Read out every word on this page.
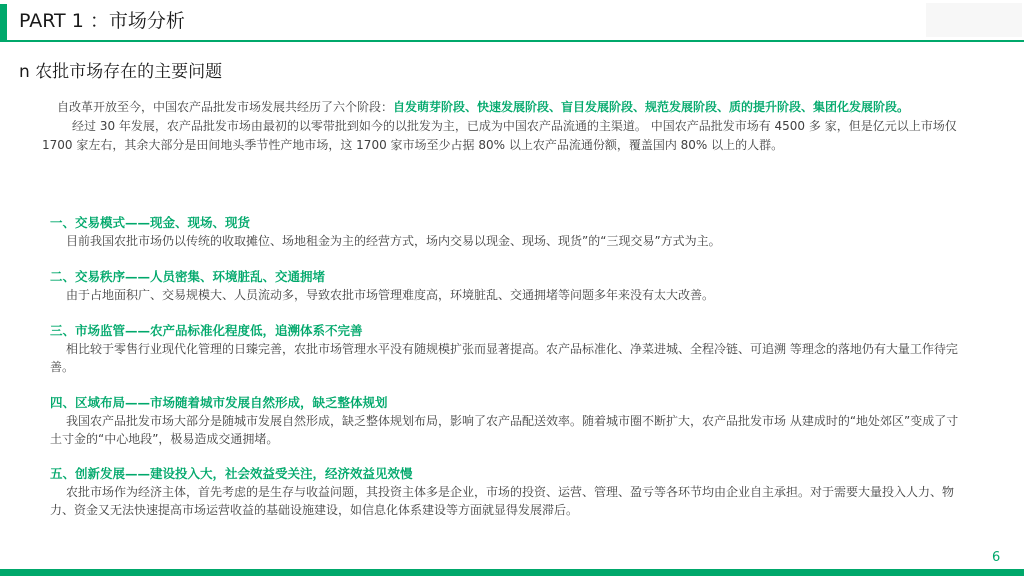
PART 1 ：市场分析
n 农批市场存在的主要问题

自改革开放至今，中国农产品批发市场发展共经历了六个阶段：自发萌芽阶段、快速发展阶段、盲目发展阶段、规范发展阶段、质的提升阶段、集团化发展阶段。

经过 30 年发展，农产品批发市场由最初的以零带批到如今的以批发为主，已成为中国农产品流通的主渠道。 中国农产品批发市场有 4500 多 家，但是亿元以上市场仅 1700 家左右，其余大部分是田间地头季节性产地市场，这 1700 家市场至少占据 80% 以上农产品流通份额，覆盖国内 80% 以上的人群。

一、交易模式——现金、现场、现货
目前我国农批市场仍以传统的收取摊位、场地租金为主的经营方式，场内交易以现金、现场、现货”的“三现交易”方式为主。
二、交易秩序——人员密集、环境脏乱、交通拥堵
由于占地面积广、交易规模大、人员流动多，导致农批市场管理难度高，环境脏乱、交通拥堵等问题多年来没有太大改善。
三、市场监管——农产品标准化程度低，追溯体系不完善
相比较于零售行业现代化管理的日臻完善，农批市场管理水平没有随规模扩张而显著提高。农产品标准化、净菜进城、全程冷链、可追溯 等理念的落地仍有大量工作待完善。
四、区域布局——市场随着城市发展自然形成，缺乏整体规划
我国农产品批发市场大部分是随城市发展自然形成，缺乏整体规划布局，影响了农产品配送效率。随着城市圈不断扩大，农产品批发市场 从建成时的“地处郊区”变成了寸土寸金的“中心地段”，极易造成交通拥堵。
五、创新发展——建设投入大，社会效益受关注，经济效益见效慢
农批市场作为经济主体，首先考虑的是生存与收益问题，其投资主体多是企业，市场的投资、运营、管理、盈亏等各环节均由企业自主承担。对于需要大量投入人力、物力、资金又无法快速提高市场运营收益的基础设施建设，如信息化体系建设等方面就显得发展滞后。
6
